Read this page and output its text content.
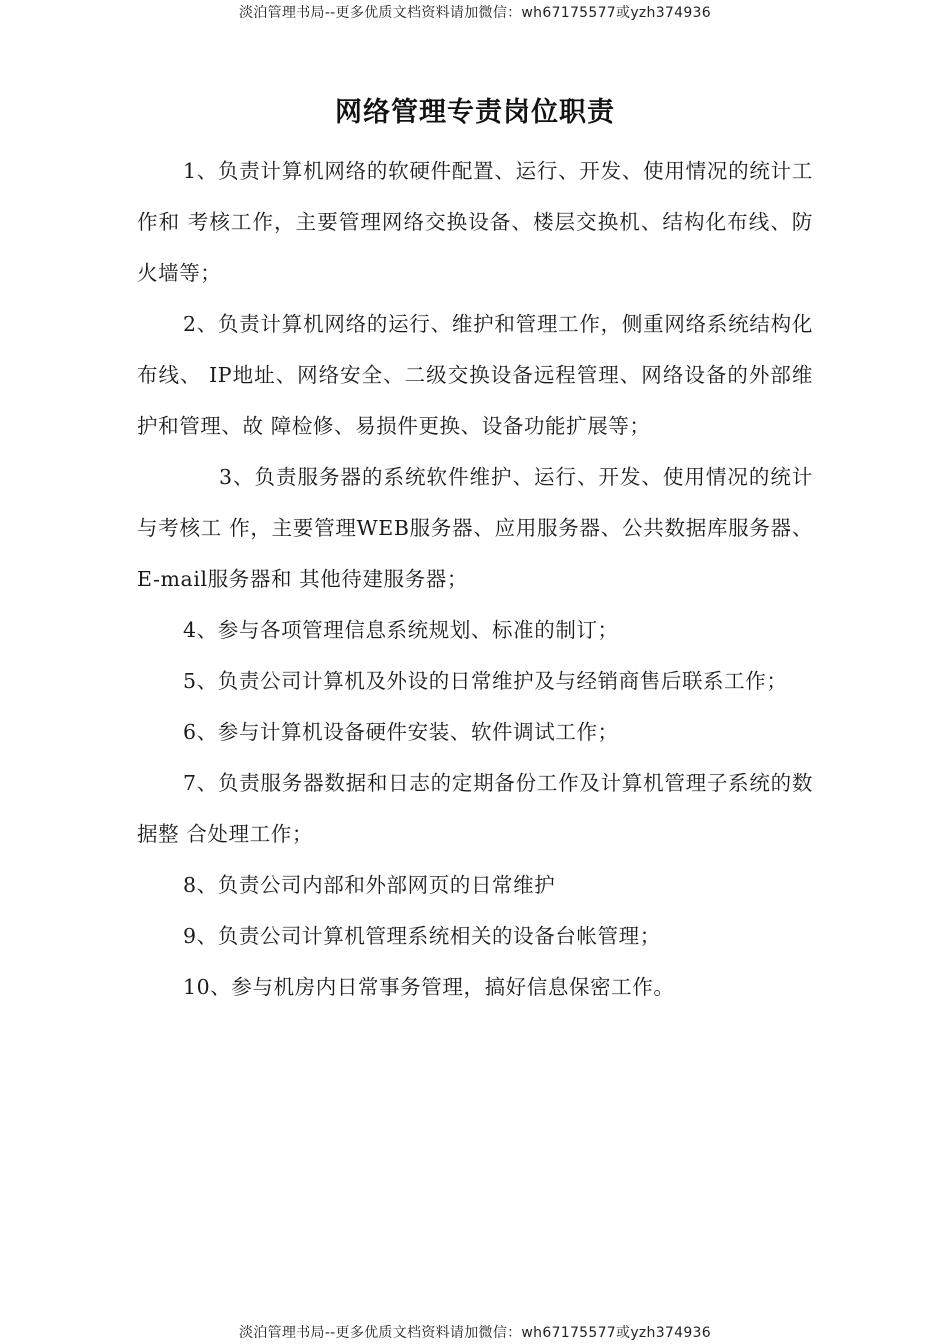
淡泊管理书局--更多优质文档资料请加微信：wh67175577或yzh374936
网络管理专责岗位职责

1、负责计算机网络的软硬件配置、运行、开发、使用情况的统计工作和 考核工作，主要管理网络交换设备、楼层交换机、结构化布线、防火墙等；

2、负责计算机网络的运行、维护和管理工作，侧重网络系统结构化布线、 IP地址、网络安全、二级交换设备远程管理、网络设备的外部维护和管理、故 障检修、易损件更换、设备功能扩展等；

3、负责服务器的系统软件维护、运行、开发、使用情况的统计与考核工 作，主要管理WEB服务器、应用服务器、公共数据库服务器、E-mail服务器和 其他待建服务器；

4、参与各项管理信息系统规划、标准的制订；

5、负责公司计算机及外设的日常维护及与经销商售后联系工作；

6、参与计算机设备硬件安装、软件调试工作；

7、负责服务器数据和日志的定期备份工作及计算机管理子系统的数据整 合处理工作；

8、负责公司内部和外部网页的日常维护

9、负责公司计算机管理系统相关的设备台帐管理；

10、参与机房内日常事务管理，搞好信息保密工作。

淡泊管理书局--更多优质文档资料请加微信：wh67175577或yzh374936
